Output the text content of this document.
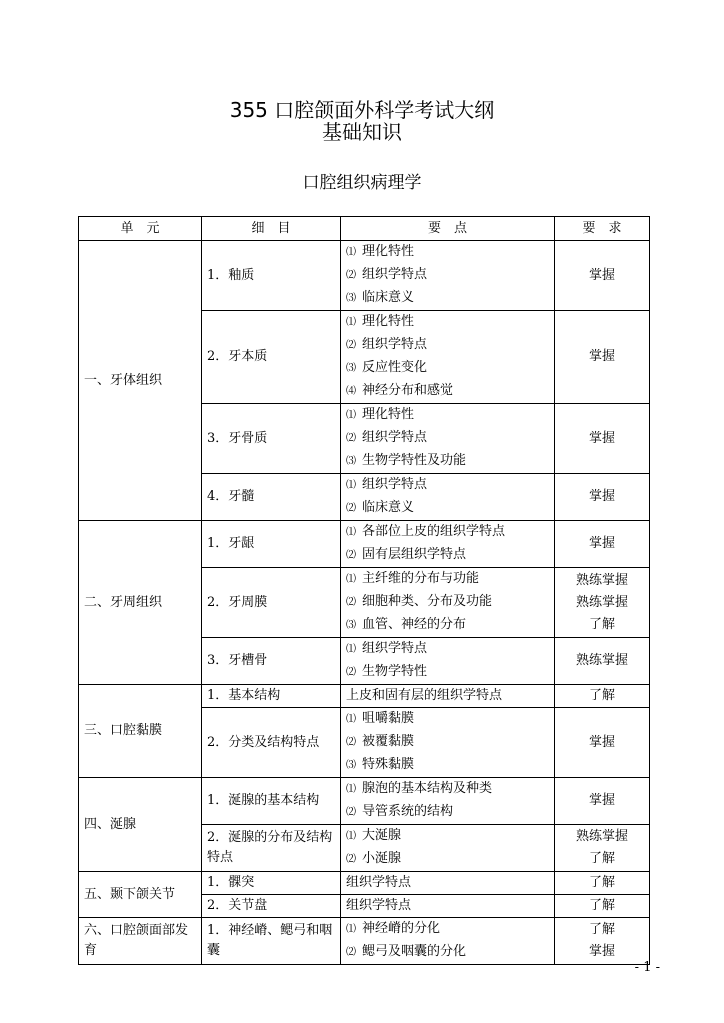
355 口腔颌面外科学考试大纲
基础知识
口腔组织病理学
单　元	细　目	要　点	要　求
一、牙体组织	1．釉质	⑴ 理化特性
⑵ 组织学特点
⑶ 临床意义	掌握

	2．牙本质	⑴ 理化特性
⑵ 组织学特点
⑶ 反应性变化
⑷ 神经分布和感觉	掌握

	3．牙骨质	⑴ 理化特性
⑵ 组织学特点
⑶ 生物学特性及功能	掌握

	4．牙髓	⑴ 组织学特点
⑵ 临床意义	掌握

二、牙周组织	1．牙龈	⑴ 各部位上皮的组织学特点
⑵ 固有层组织学特点	掌握

	2．牙周膜	⑴ 主纤维的分布与功能
⑵ 细胞种类、分布及功能
⑶ 血管、神经的分布	熟练掌握
熟练掌握
了解

	3．牙槽骨	⑴ 组织学特点
⑵ 生物学特性	熟练掌握

三、口腔黏膜	1．基本结构	上皮和固有层的组织学特点	了解

	2．分类及结构特点	⑴ 咀嚼黏膜
⑵ 被覆黏膜
⑶ 特殊黏膜	掌握

四、涎腺	1．涎腺的基本结构	⑴ 腺泡的基本结构及种类
⑵ 导管系统的结构	掌握

	2．涎腺的分布及结构特点	⑴ 大涎腺
⑵ 小涎腺	熟练掌握
了解

五、颞下颌关节	1．髁突	组织学特点	了解

	2．关节盘	组织学特点	了解

六、口腔颌面部发育	1．神经嵴、鳃弓和咽囊	⑴ 神经嵴的分化
⑵ 鳃弓及咽囊的分化	了解
掌握
- 1 -
